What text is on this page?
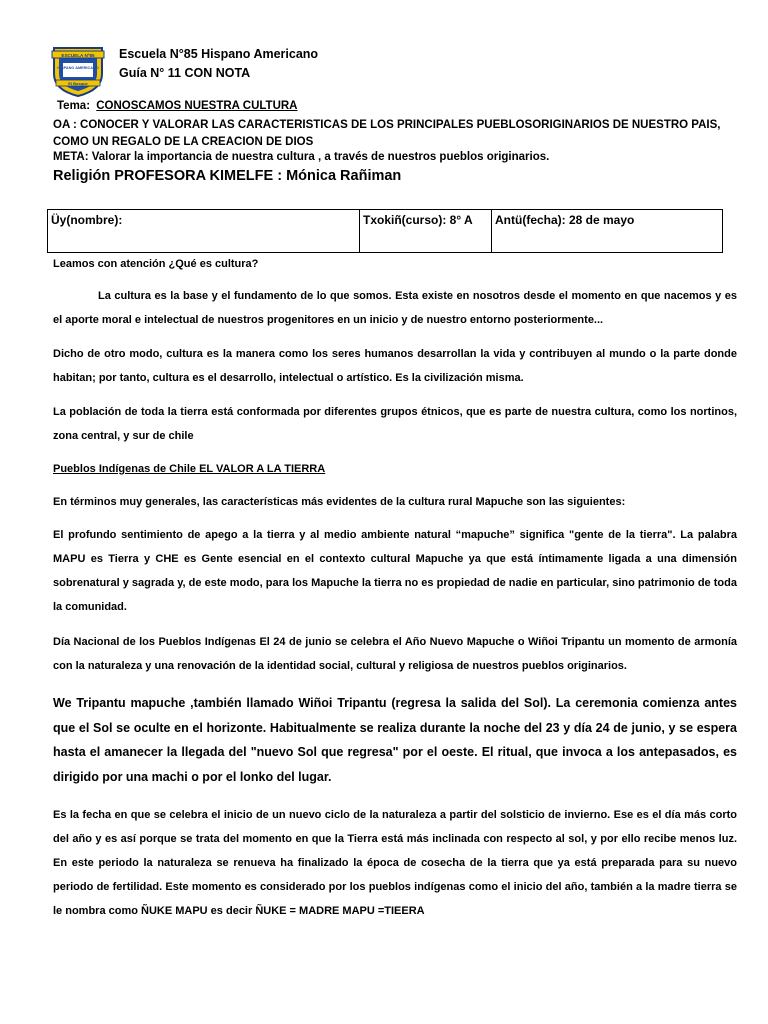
ESCUELA Nº85
HISPANO AMERICANO
El Bosque
Escuela N°85 Hispano Americano
Guía N° 11 CON NOTA
Tema: CONOSCAMOS NUESTRA CULTURA
OA : CONOCER Y VALORAR LAS CARACTERISTICAS DE LOS PRINCIPALES PUEBLOSORIGINARIOS DE NUESTRO PAIS, COMO UN REGALO DE LA CREACION DE DIOS
META: Valorar la importancia de nuestra cultura , a través de nuestros pueblos originarios.
Religión PROFESORA KIMELFE : Mónica Rañiman
Üy(nombre):	Txokiñ(curso): 8° A	Antü(fecha): 28 de mayo
Leamos con atención ¿Qué es cultura?
La cultura es la base y el fundamento de lo que somos. Esta existe en nosotros desde el momento en que nacemos y es el aporte moral e intelectual de nuestros progenitores en un inicio y de nuestro entorno posteriormente...
Dicho de otro modo, cultura es la manera como los seres humanos desarrollan la vida y contribuyen al mundo o la parte donde habitan; por tanto, cultura es el desarrollo, intelectual o artístico. Es la civilización misma.
La población de toda la tierra está conformada por diferentes grupos étnicos, que es parte de nuestra cultura, como los nortinos, zona central, y sur de chile
Pueblos Indígenas de Chile EL VALOR A LA TIERRA
En términos muy generales, las características más evidentes de la cultura rural Mapuche son las siguientes:
El profundo sentimiento de apego a la tierra y al medio ambiente natural “mapuche” significa "gente de la tierra". La palabra MAPU es Tierra y CHE es Gente esencial en el contexto cultural Mapuche ya que está íntimamente ligada a una dimensión sobrenatural y sagrada y, de este modo, para los Mapuche la tierra no es propiedad de nadie en particular, sino patrimonio de toda la comunidad.
Día Nacional de los Pueblos Indígenas El 24 de junio se celebra el Año Nuevo Mapuche o Wiñoi Tripantu un momento de armonía con la naturaleza y una renovación de la identidad social, cultural y religiosa de nuestros pueblos originarios.
We Tripantu mapuche ,también llamado Wiñoi Tripantu (regresa la salida del Sol). La ceremonia comienza antes que el Sol se oculte en el horizonte. Habitualmente se realiza durante la noche del 23 y día 24 de junio, y se espera hasta el amanecer la llegada del "nuevo Sol que regresa" por el oeste. El ritual, que invoca a los antepasados, es dirigido por una machi o por el lonko del lugar.
Es la fecha en que se celebra el inicio de un nuevo ciclo de la naturaleza a partir del solsticio de invierno. Ese es el día más corto del año y es así porque se trata del momento en que la Tierra está más inclinada con respecto al sol, y por ello recibe menos luz. En este periodo la naturaleza se renueva ha finalizado la época de cosecha de la tierra que ya está preparada para su nuevo periodo de fertilidad. Este momento es considerado por los pueblos indígenas como el inicio del año, también a la madre tierra se le nombra como ÑUKE MAPU es decir ÑUKE = MADRE MAPU =TIEERA
